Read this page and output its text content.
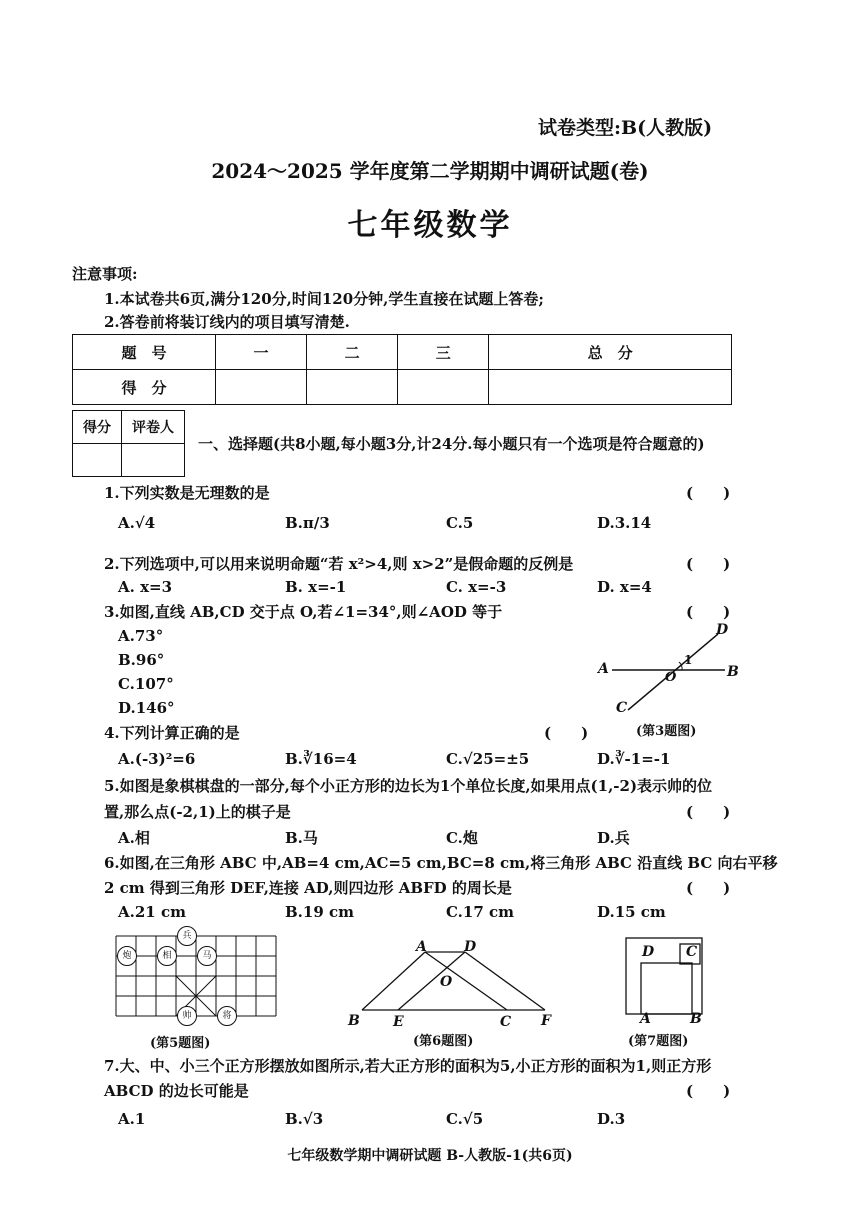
试卷类型:B(人教版)
2024～2025 学年度第二学期期中调研试题(卷)
七年级数学
注意事项:
1.本试卷共6页,满分120分,时间120分钟,学生直接在试题上答卷;
2.答卷前将装订线内的项目填写清楚.
题　号	一	二	三	总　分
得　分				
得分	评卷人

一、选择题(共8小题,每小题3分,计24分.每小题只有一个选项是符合题意的)
1.下列实数是无理数的是	(　　)
A.√4	B.π/3	C.5	D.3.14̇
2.下列选项中,可以用来说明命题“若 x²>4,则 x>2”是假命题的反例是	(　　)
A. x=3	B. x=-1	C. x=-3	D. x=4
3.如图,直线 AB,CD 交于点 O,若∠1=34°,则∠AOD 等于	(　　)
A.73°
B.96°
C.107°
D.146°
A	B
C
D
O
1
(第3题图)
4.下列计算正确的是	(　　)
A.(-3)²=6	B.∛16=4	C.√25=±5	D.∛-1=-1
5.如图是象棋棋盘的一部分,每个小正方形的边长为1个单位长度,如果用点(1,-2)表示帅的位
置,那么点(-2,1)上的棋子是	(　　)
A.相	B.马	C.炮	D.兵
6.如图,在三角形 ABC 中,AB=4 cm,AC=5 cm,BC=8 cm,将三角形 ABC 沿直线 BC 向右平移
2 cm 得到三角形 DEF,连接 AD,则四边形 ABFD 的周长是	(　　)
A.21 cm	B.19 cm	C.17 cm	D.15 cm
兵
炮	相	马
帅	将
(第5题图)
A	D
O
B E	C F
(第6题图)
D C
A	B
(第7题图)
7.大、中、小三个正方形摆放如图所示,若大正方形的面积为5,小正方形的面积为1,则正方形
ABCD 的边长可能是	(　　)
A.1	B.√3	C.√5	D.3
七年级数学期中调研试题 B-人教版-1(共6页)
